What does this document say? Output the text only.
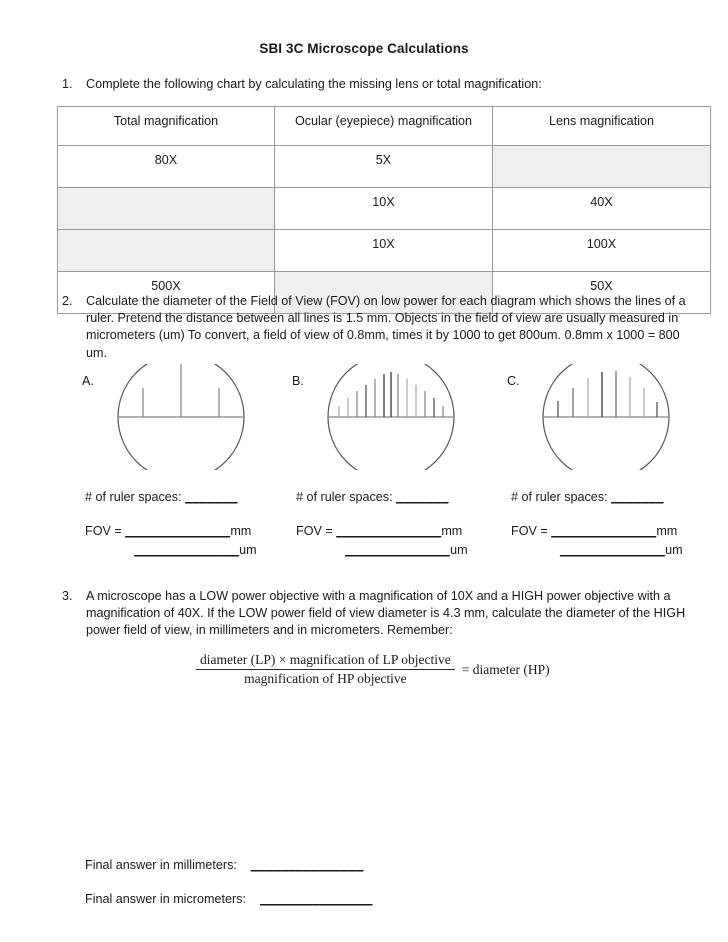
SBI 3C Microscope Calculations
1.	Complete the following chart by calculating the missing lens or total magnification:
Total magnification	Ocular (eyepiece) magnification	Lens magnification
80X	5X	
	10X	40X
	10X	100X
500X		50X
2.	Calculate the diameter of the Field of View (FOV) on low power for each diagram which shows the lines of a ruler. Pretend the distance between all lines is 1.5 mm. Objects in the field of view are usually measured in micrometers (um) To convert, a field of view of 0.8mm, times it by 1000 to get 800um. 0.8mm x 1000 = 800 um.
A.	B.	C.
# of ruler spaces: _______
FOV = ______________mm
______________um
# of ruler spaces: _______
FOV = ______________mm
______________um
# of ruler spaces: _______
FOV = ______________mm
______________um
3.	A microscope has a LOW power objective with a magnification of 10X and a HIGH power objective with a magnification of 40X. If the LOW power field of view diameter is 4.3 mm, calculate the diameter of the HIGH power field of view, in millimeters and in micrometers. Remember:
$\frac{\text{diameter (LP) × magnification of LP objective}}{\text{magnification of HP objective}}$ = diameter (HP)
Final answer in millimeters: _______________
Final answer in micrometers: _______________
